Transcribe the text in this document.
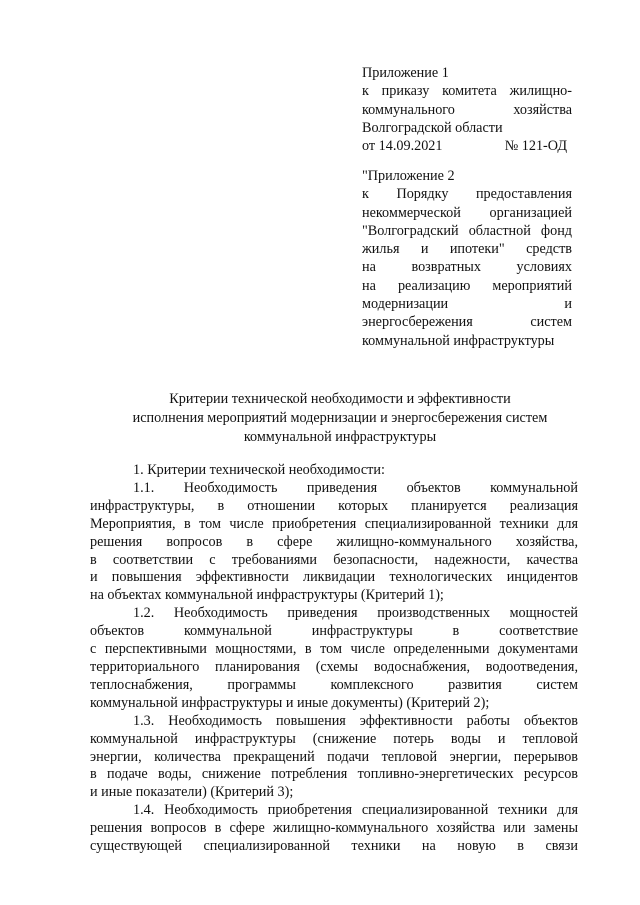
Приложение 1
к приказу комитета жилищно-
коммунального хозяйства
Волгоградской области
от 14.09.2021	№ 121-ОД
"Приложение 2
к Порядку предоставления
некоммерческой организацией
"Волгоградский областной фонд
жилья и ипотеки" средств
на возвратных условиях
на реализацию мероприятий
модернизации и
энергосбережения систем
коммунальной инфраструктуры
Критерии технической необходимости и эффективности
исполнения мероприятий модернизации и энергосбережения систем
коммунальной инфраструктуры
1. Критерии технической необходимости:
1.1. Необходимость приведения объектов коммунальной
инфраструктуры, в отношении которых планируется реализация
Мероприятия, в том числе приобретения специализированной техники для
решения вопросов в сфере жилищно-коммунального хозяйства,
в соответствии с требованиями безопасности, надежности, качества
и повышения эффективности ликвидации технологических инцидентов
на объектах коммунальной инфраструктуры (Критерий 1);
1.2. Необходимость приведения производственных мощностей
объектов коммунальной инфраструктуры в соответствие
с перспективными мощностями, в том числе определенными документами
территориального планирования (схемы водоснабжения, водоотведения,
теплоснабжения, программы комплексного развития систем
коммунальной инфраструктуры и иные документы) (Критерий 2);
1.3. Необходимость повышения эффективности работы объектов
коммунальной инфраструктуры (снижение потерь воды и тепловой
энергии, количества прекращений подачи тепловой энергии, перерывов
в подаче воды, снижение потребления топливно-энергетических ресурсов
и иные показатели) (Критерий 3);
1.4. Необходимость приобретения специализированной техники для
решения вопросов в сфере жилищно-коммунального хозяйства или замены
существующей специализированной техники на новую в связи
